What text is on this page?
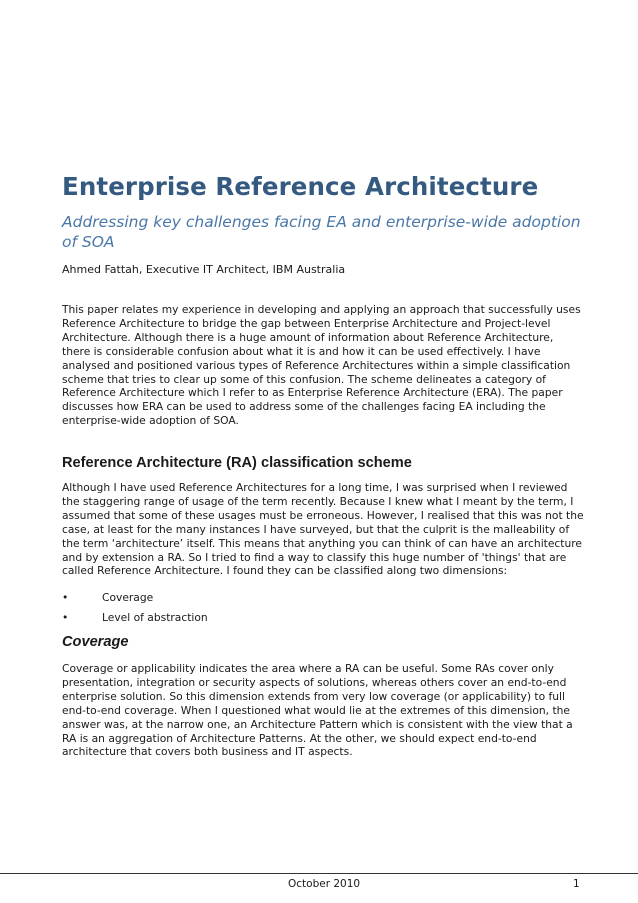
Enterprise Reference Architecture

Addressing key challenges facing EA and enterprise-wide adoption of SOA

Ahmed Fattah, Executive IT Architect, IBM Australia

This paper relates my experience in developing and applying an approach that successfully uses Reference Architecture to bridge the gap between Enterprise Architecture and Project-level Architecture. Although there is a huge amount of information about Reference Architecture, there is considerable confusion about what it is and how it can be used effectively. I have analysed and positioned various types of Reference Architectures within a simple classification scheme that tries to clear up some of this confusion. The scheme delineates a category of Reference Architecture which I refer to as Enterprise Reference Architecture (ERA). The paper discusses how ERA can be used to address some of the challenges facing EA including the enterprise-wide adoption of SOA.

Reference Architecture (RA) classification scheme

Although I have used Reference Architectures for a long time, I was surprised when I reviewed the staggering range of usage of the term recently. Because I knew what I meant by the term, I assumed that some of these usages must be erroneous. However, I realised that this was not the case, at least for the many instances I have surveyed, but that the culprit is the malleability of the term ‘architecture’ itself. This means that anything you can think of can have an architecture and by extension a RA. So I tried to find a way to classify this huge number of 'things' that are called Reference Architecture. I found they can be classified along two dimensions:

•	Coverage
•	Level of abstraction
Coverage

Coverage or applicability indicates the area where a RA can be useful. Some RAs cover only presentation, integration or security aspects of solutions, whereas others cover an end-to-end enterprise solution. So this dimension extends from very low coverage (or applicability) to full end-to-end coverage. When I questioned what would lie at the extremes of this dimension, the answer was, at the narrow one, an Architecture Pattern which is consistent with the view that a RA is an aggregation of Architecture Patterns. At the other, we should expect end-to-end architecture that covers both business and IT aspects.

October 2010	1
